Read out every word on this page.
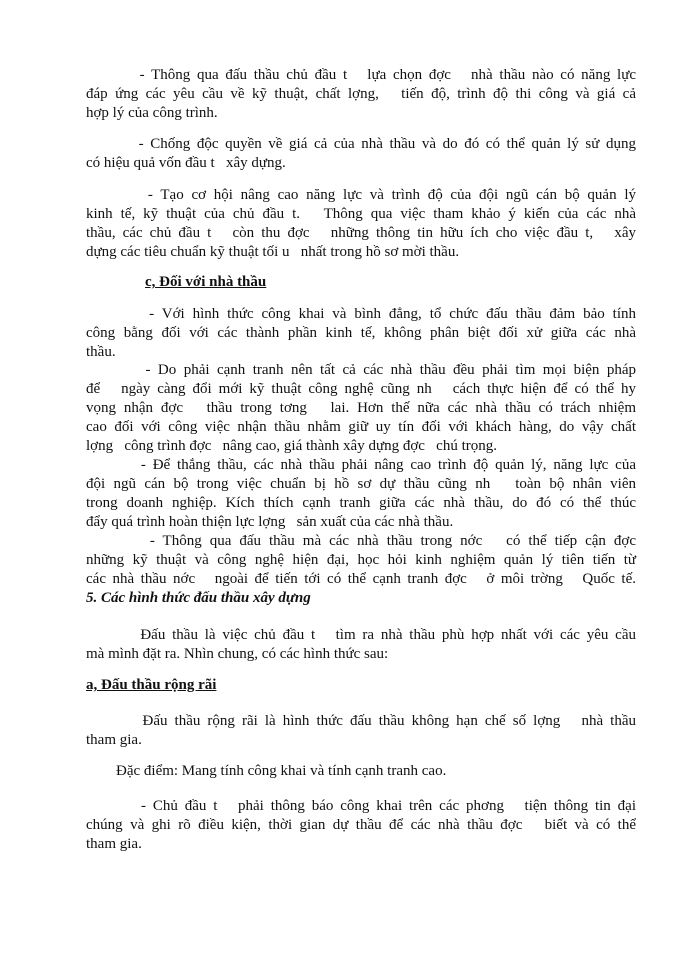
- Thông qua đấu thầu chủ đầu t   lựa chọn đợc   nhà thầu nào có năng lực
đáp ứng các yêu cầu về kỹ thuật, chất lợng,   tiến độ, trình độ thi công và giá cả
hợp lý của công trình.
- Chống độc quyền về giá cả của nhà thầu và do đó có thể quản lý sử dụng
có hiệu quả vốn đầu t   xây dựng.
- Tạo cơ hội nâng cao năng lực và trình độ của đội ngũ cán bộ quản lý
kinh tế, kỹ thuật của chủ đầu t.   Thông qua việc tham khảo ý kiến của các nhà
thầu, các chủ đầu t   còn thu đợc   những thông tin hữu ích cho việc đầu t,   xây
dựng các tiêu chuẩn kỹ thuật tối u   nhất trong hồ sơ mời thầu.
c, Đối với nhà thầu
- Với hình thức công khai và bình đẳng, tổ chức đấu thầu đảm bảo tính
công bằng đối với các thành phần kinh tế, không phân biệt đối xử giữa các nhà
thầu.
- Do phải cạnh tranh nên tất cả các nhà thầu đều phải tìm mọi biện pháp
để   ngày càng đổi mới kỹ thuật công nghệ cũng nh   cách thực hiện để có thể hy
vọng nhận đợc   thầu trong tơng   lai. Hơn thế nữa các nhà thầu có trách nhiệm
cao đối với công việc nhận thầu nhằm giữ uy tín đối với khách hàng, do vậy chất
lợng   công trình đợc   nâng cao, giá thành xây dựng đợc   chú trọng.
- Để thắng thầu, các nhà thầu phải nâng cao trình độ quản lý, năng lực của
đội ngũ cán bộ trong việc chuẩn bị hồ sơ dự thầu cũng nh   toàn bộ nhân viên
trong doanh nghiệp. Kích thích cạnh tranh giữa các nhà thầu, do đó có thể thúc
đẩy quá trình hoàn thiện lực lợng   sản xuất của các nhà thầu.
- Thông qua đấu thầu mà các nhà thầu trong nớc   có thể tiếp cận đợc
những kỹ thuật và công nghệ hiện đại, học hỏi kinh nghiệm quản lý tiên tiến từ
các nhà thầu nớc   ngoài để tiến tới có thể cạnh tranh đợc   ở môi trờng   Quốc tế.
5. Các hình thức đấu thầu xây dựng
Đấu thầu là việc chủ đầu t   tìm ra nhà thầu phù hợp nhất với các yêu cầu
mà mình đặt ra. Nhìn chung, có các hình thức sau:
a, Đấu thầu rộng rãi
Đấu thầu rộng rãi là hình thức đấu thầu không hạn chế số lợng   nhà thầu
tham gia.
Đặc điểm: Mang tính công khai và tính cạnh tranh cao.
- Chủ đầu t   phải thông báo công khai trên các phơng   tiện thông tin đại
chúng và ghi rõ điều kiện, thời gian dự thầu để các nhà thầu đợc   biết và có thể
tham gia.
